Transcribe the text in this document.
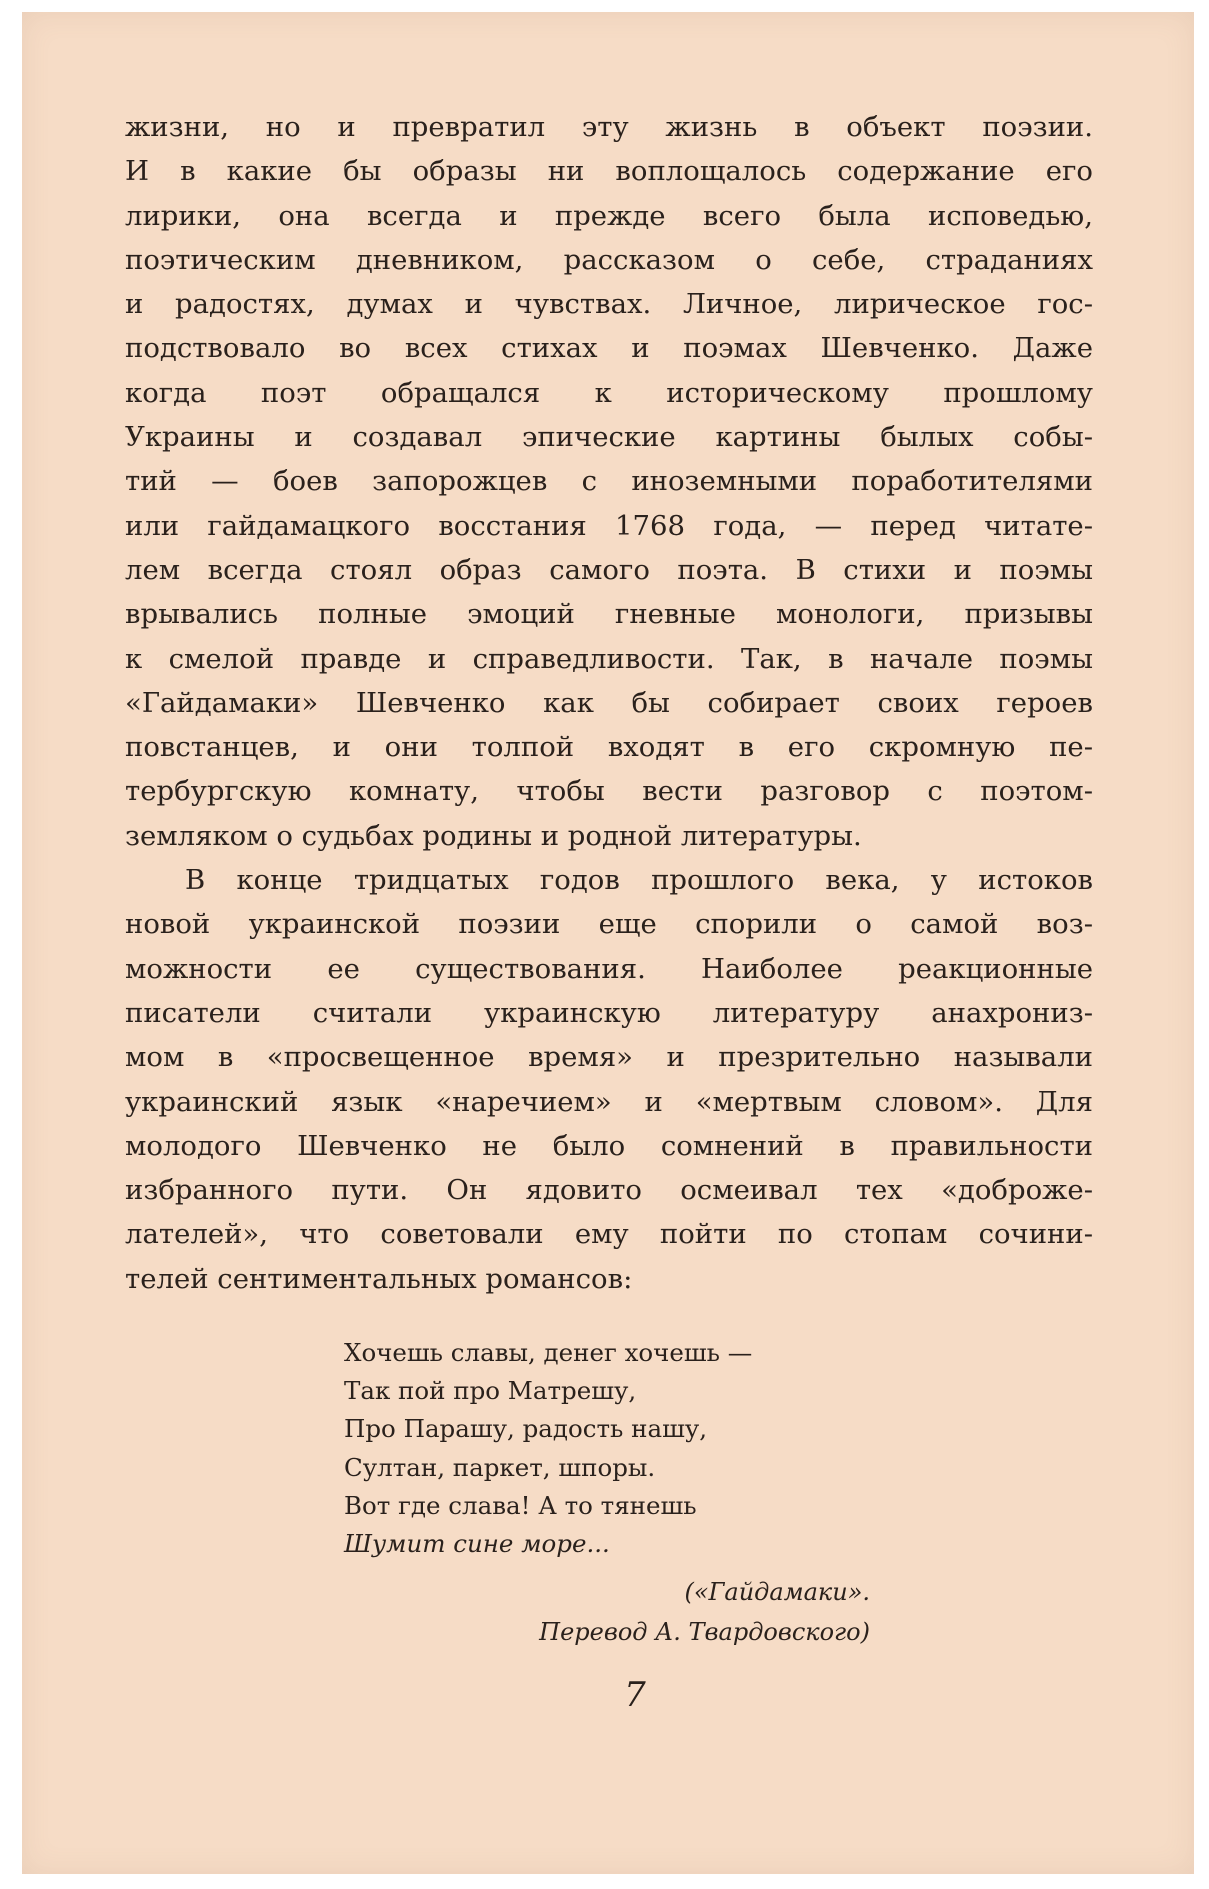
жизни, но и превратил эту жизнь в объект поэзии.
И в какие бы образы ни воплощалось содержание его
лирики, она всегда и прежде всего была исповедью,
поэтическим дневником, рассказом о себе, страданиях
и радостях, думах и чувствах. Личное, лирическое гос-
подствовало во всех стихах и поэмах Шевченко. Даже
когда поэт обращался к историческому прошлому
Украины и создавал эпические картины былых собы-
тий — боев запорожцев с иноземными поработителями
или гайдамацкого восстания 1768 года, — перед читате-
лем всегда стоял образ самого поэта. В стихи и поэмы
врывались полные эмоций гневные монологи, призывы
к смелой правде и справедливости. Так, в начале поэмы
«Гайдамаки» Шевченко как бы собирает своих героев
повстанцев, и они толпой входят в его скромную пе-
тербургскую комнату, чтобы вести разговор с поэтом-
земляком о судьбах родины и родной литературы.
В конце тридцатых годов прошлого века, у истоков
новой украинской поэзии еще спорили о самой воз-
можности ее существования. Наиболее реакционные
писатели считали украинскую литературу анахрониз-
мом в «просвещенное время» и презрительно называли
украинский язык «наречием» и «мертвым словом». Для
молодого Шевченко не было сомнений в правильности
избранного пути. Он ядовито осмеивал тех «доброже-
лателей», что советовали ему пойти по стопам сочини-
телей сентиментальных романсов:
Хочешь славы, денег хочешь —
Так пой про Матрешу,
Про Парашу, радость нашу,
Султан, паркет, шпоры.
Вот где слава! А то тянешь
Шумит сине море...
(«Гайдамаки».
Перевод А. Твардовского)
7
